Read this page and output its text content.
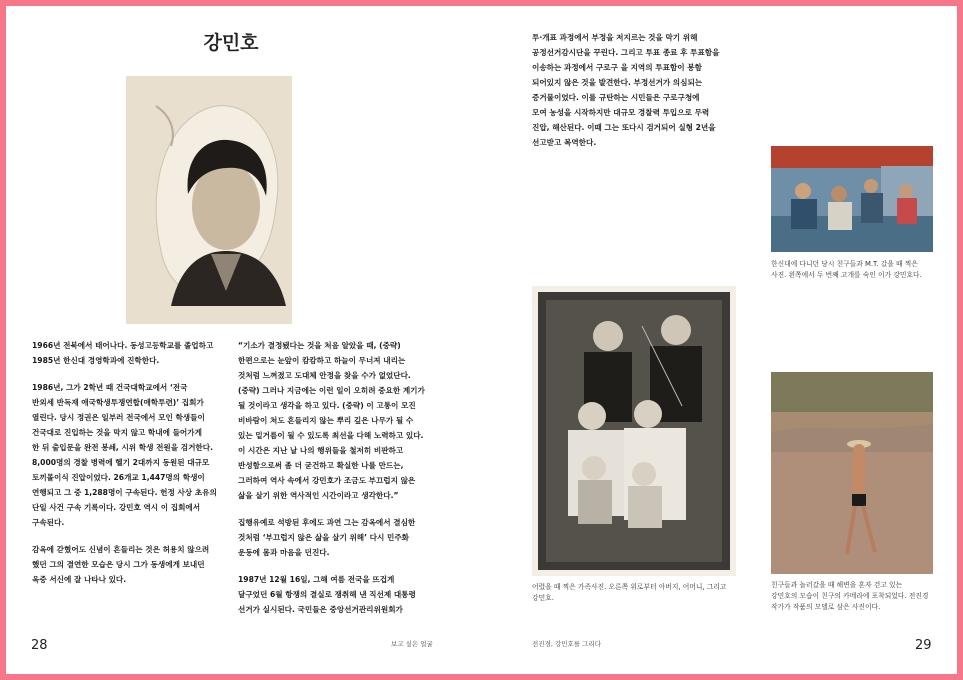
강민호

1966년 전북에서 태어나다. 동성고등학교를 졸업하고
1985년 한신대 경영학과에 진학한다.

1986년, 그가 2학년 때 건국대학교에서 ‘전국
반외세 반독재 애국학생투쟁연합(애학투련)’ 집회가
열린다. 당시 정권은 일부러 전국에서 모인 학생들이
건국대로 진입하는 것을 막지 않고 학내에 들어가게
한 뒤 출입문을 완전 봉쇄, 시위 학생 전원을 검거한다.
8,000명의 경찰 병력에 헬기 2대까지 동원된 대규모
토끼몰이식 진압이었다. 26개교 1,447명의 학생이
연행되고 그 중 1,288명이 구속된다. 헌정 사상 초유의
단일 사건 구속 기록이다. 강민호 역시 이 집회에서
구속된다.

감옥에 갇혔어도 신념이 흔들리는 것은 허용치 않으려
했던 그의 결연한 모습은 당시 그가 동생에게 보내던
옥중 서신에 잘 나타나 있다.

“기소가 결정됐다는 것을 처음 알았을 때, (중략)
한편으로는 눈앞이 캄캄하고 하늘이 무너져 내리는
것처럼 느껴졌고 도대체 안정을 찾을 수가 없었단다.
(중략) 그러나 지금에는 이런 일이 오히려 중요한 계기가
될 것이라고 생각을 하고 있다. (중략) 이 고통이 모진
비바람이 쳐도 흔들리지 않는 뿌리 깊은 나무가 될 수
있는 밑거름이 될 수 있도록 최선을 다해 노력하고 있다.
이 시간은 지난 날 나의 행위들을 철저히 비판하고
반성함으로써 좀 더 굳건하고 확실한 나를 만드는,
그러하여 역사 속에서 강민호가 조금도 부끄럽지 않은
삶을 살기 위한 역사적인 시간이라고 생각한다.”

집행유예로 석방된 후에도 과연 그는 감옥에서 결심한
것처럼 ‘부끄럽지 않은 삶을 살기 위해’ 다시 민주화
운동에 몸과 마음을 던진다.

1987년 12월 16일, 그해 여름 전국을 뜨겁게
달구었던 6월 항쟁의 결실로 쟁취해 낸 직선제 대통령
선거가 실시된다. 국민들은 중앙선거관리위원회가

28	보고 싶은 얼굴

투·개표 과정에서 부정을 저지르는 것을 막기 위해
공정선거감시단을 꾸린다. 그리고 투표 종료 후 투표함을
이송하는 과정에서 구로구 을 지역의 투표함이 봉함
되어있지 않은 것을 발견한다. 부정선거가 의심되는
증거물이었다. 이를 규탄하는 시민들은 구로구청에
모여 농성을 시작하지만 대규모 경찰력 투입으로 무력
진압, 해산된다. 이때 그는 또다시 검거되어 실형 2년을
선고받고 복역한다.

한신대에 다니던 당시 친구들과 M.T. 갔을 때 찍은
사진. 왼쪽에서 두 번째 고개를 숙인 이가 강민호다.
어렸을 때 찍은 가족사진. 오른쪽 위로부터 아버지, 어머니, 그리고
강민호.
친구들과 놀러갔을 때 해변을 혼자 걷고 있는
강민호의 모습이 친구의 카메라에 포착되었다. 전진경
작가가 작품의 모델로 삼은 사진이다.
전진경, 강민호를 그리다	29
